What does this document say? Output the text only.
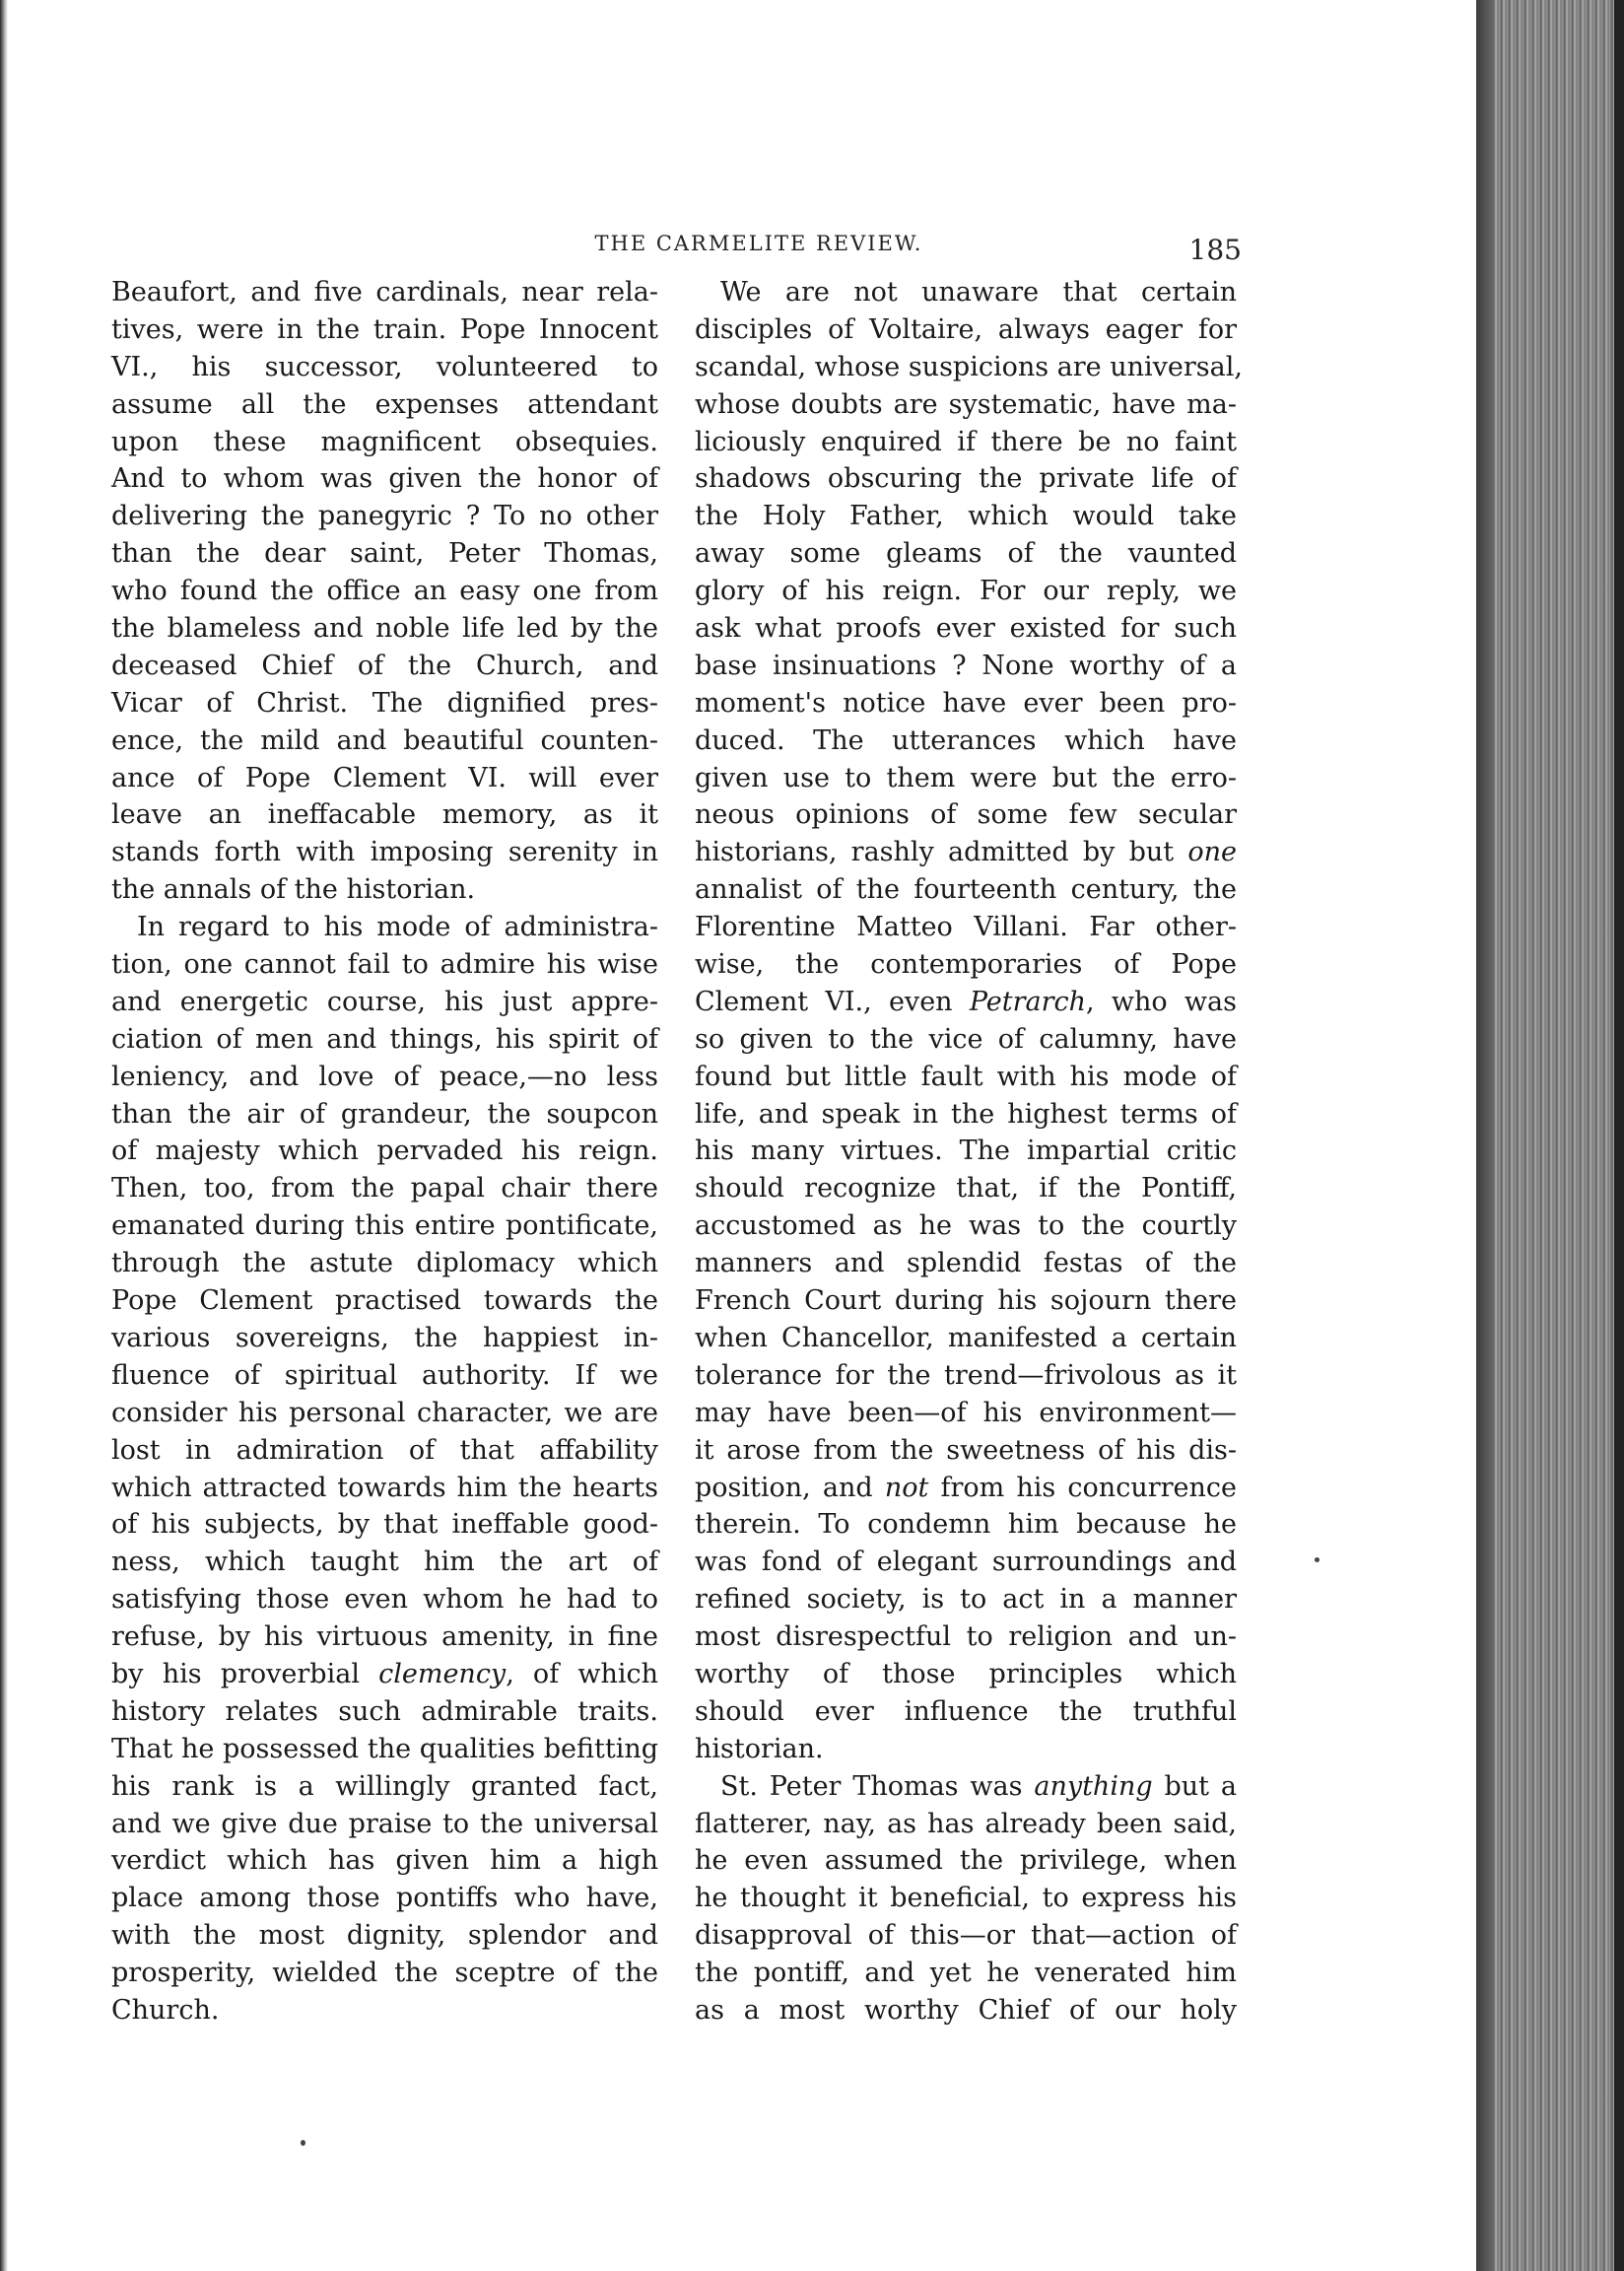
THE CARMELITE REVIEW.	185
Beaufort, and five cardinals, near rela-
tives, were in the train. Pope Innocent
VI., his successor, volunteered to
assume all the expenses attendant
upon these magnificent obsequies.
And to whom was given the honor of
delivering the panegyric ? To no other
than the dear saint, Peter Thomas,
who found the office an easy one from
the blameless and noble life led by the
deceased Chief of the Church, and
Vicar of Christ. The dignified pres-
ence, the mild and beautiful counten-
ance of Pope Clement VI. will ever
leave an ineffacable memory, as it
stands forth with imposing serenity in
the annals of the historian.
In regard to his mode of administra-
tion, one cannot fail to admire his wise
and energetic course, his just appre-
ciation of men and things, his spirit of
leniency, and love of peace,—no less
than the air of grandeur, the soupcon
of majesty which pervaded his reign.
Then, too, from the papal chair there
emanated during this entire pontificate,
through the astute diplomacy which
Pope Clement practised towards the
various sovereigns, the happiest in-
fluence of spiritual authority. If we
consider his personal character, we are
lost in admiration of that affability
which attracted towards him the hearts
of his subjects, by that ineffable good-
ness, which taught him the art of
satisfying those even whom he had to
refuse, by his virtuous amenity, in fine
by his proverbial clemency, of which
history relates such admirable traits.
That he possessed the qualities befitting
his rank is a willingly granted fact,
and we give due praise to the universal
verdict which has given him a high
place among those pontiffs who have,
with the most dignity, splendor and
prosperity, wielded the sceptre of the
Church.
We are not unaware that certain
disciples of Voltaire, always eager for
scandal, whose suspicions are universal,
whose doubts are systematic, have ma-
liciously enquired if there be no faint
shadows obscuring the private life of
the Holy Father, which would take
away some gleams of the vaunted
glory of his reign. For our reply, we
ask what proofs ever existed for such
base insinuations ? None worthy of a
moment's notice have ever been pro-
duced. The utterances which have
given use to them were but the erro-
neous opinions of some few secular
historians, rashly admitted by but one
annalist of the fourteenth century, the
Florentine Matteo Villani. Far other-
wise, the contemporaries of Pope
Clement VI., even Petrarch, who was
so given to the vice of calumny, have
found but little fault with his mode of
life, and speak in the highest terms of
his many virtues. The impartial critic
should recognize that, if the Pontiff,
accustomed as he was to the courtly
manners and splendid festas of the
French Court during his sojourn there
when Chancellor, manifested a certain
tolerance for the trend—frivolous as it
may have been—of his environment—
it arose from the sweetness of his dis-
position, and not from his concurrence
therein. To condemn him because he
was fond of elegant surroundings and
refined society, is to act in a manner
most disrespectful to religion and un-
worthy of those principles which
should ever influence the truthful
historian.
St. Peter Thomas was anything but a
flatterer, nay, as has already been said,
he even assumed the privilege, when
he thought it beneficial, to express his
disapproval of this—or that—action of
the pontiff, and yet he venerated him
as a most worthy Chief of our holy
